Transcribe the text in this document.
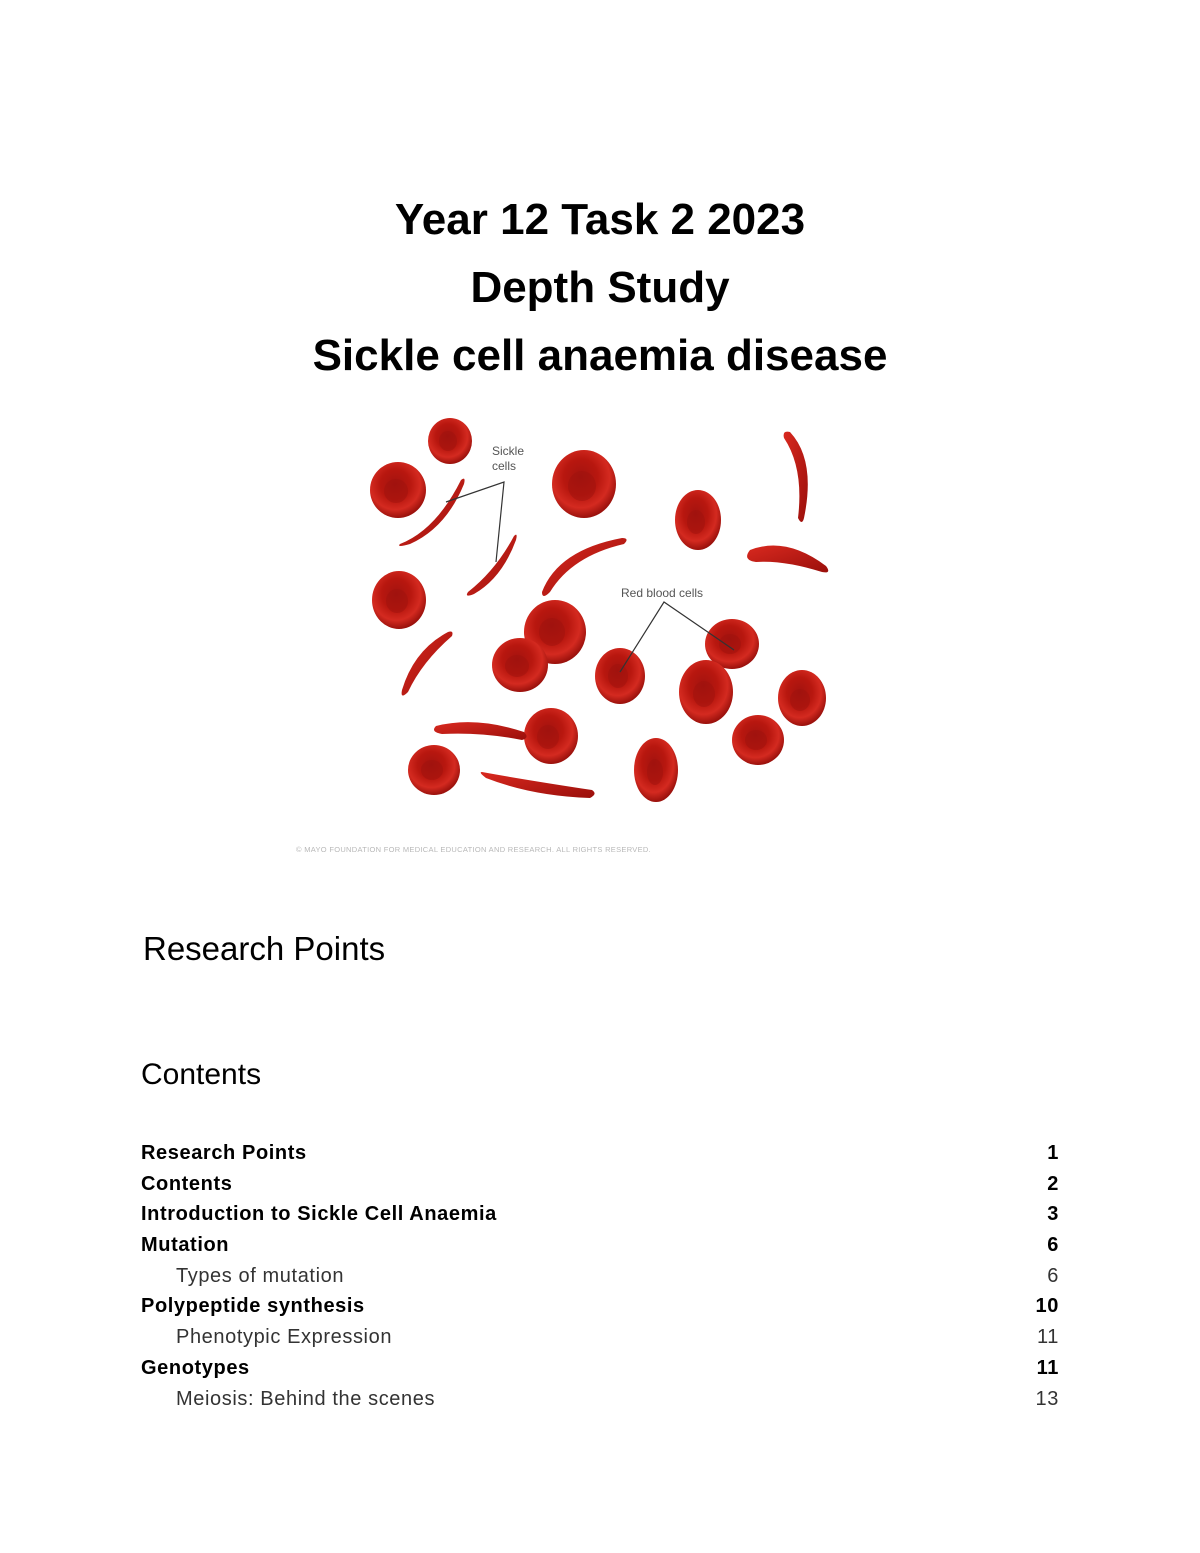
Year 12 Task 2 2023

Depth Study

Sickle cell anaemia disease

Sickle
cells
Red blood cells
© MAYO FOUNDATION FOR MEDICAL EDUCATION AND RESEARCH. ALL RIGHTS RESERVED.
Research Points
Contents
Research Points	1
Contents	2
Introduction to Sickle Cell Anaemia	3
Mutation	6
Types of mutation	6
Polypeptide synthesis	10
Phenotypic Expression	11
Genotypes	11
Meiosis: Behind the scenes	13
